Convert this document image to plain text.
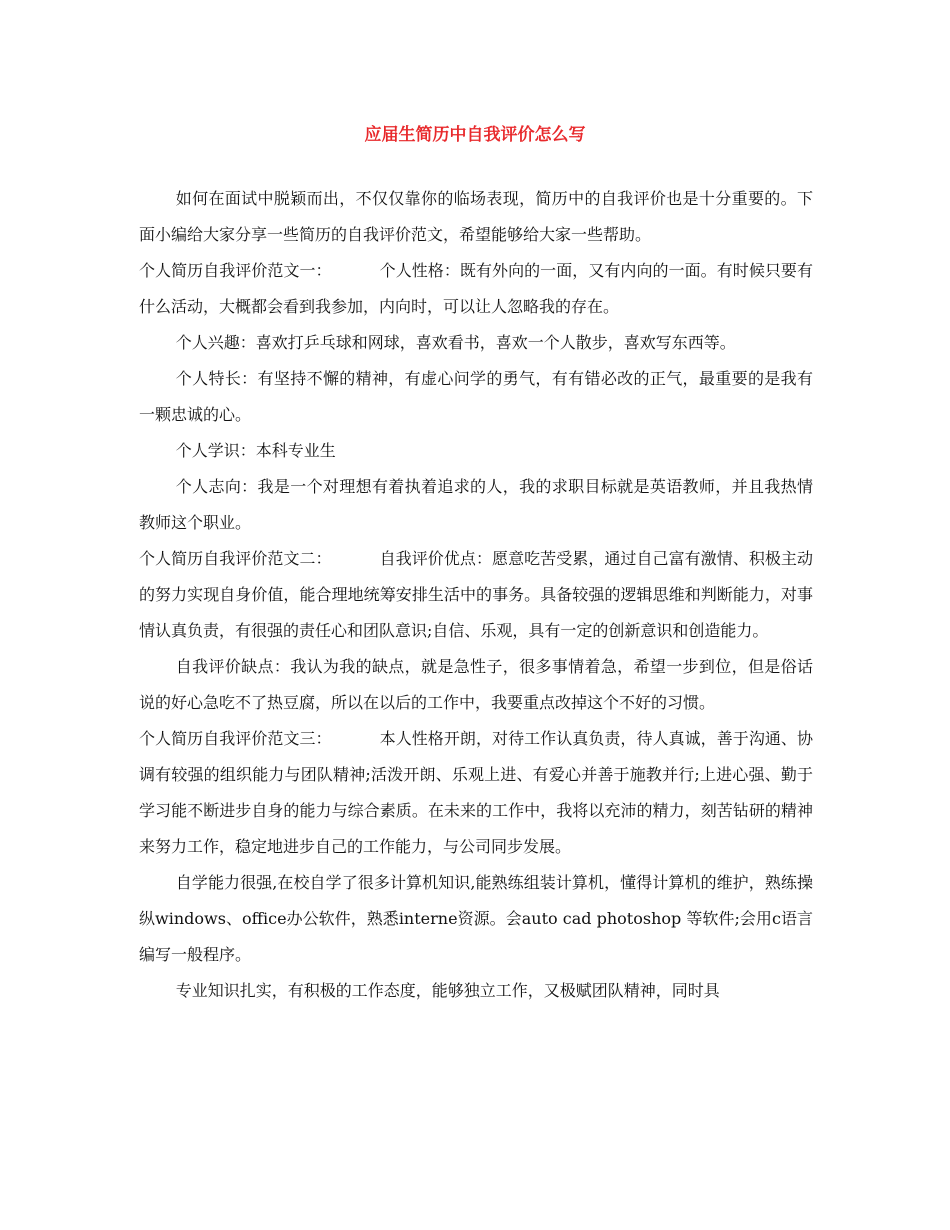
应届生简历中自我评价怎么写

如何在面试中脱颖而出，不仅仅靠你的临场表现，简历中的自我评价也是十分重要的。下面小编给大家分享一些简历的自我评价范文，希望能够给大家一些帮助。

个人简历自我评价范文一：	个人性格：既有外向的一面，又有内向的一面。有时候只要有什么活动，大概都会看到我参加，内向时，可以让人忽略我的存在。

个人兴趣：喜欢打乒乓球和网球，喜欢看书，喜欢一个人散步，喜欢写东西等。

个人特长：有坚持不懈的精神，有虚心问学的勇气，有有错必改的正气，最重要的是我有一颗忠诚的心。

个人学识：本科专业生

个人志向：我是一个对理想有着执着追求的人，我的求职目标就是英语教师，并且我热情教师这个职业。

个人简历自我评价范文二：	自我评价优点：愿意吃苦受累，通过自己富有激情、积极主动的努力实现自身价值，能合理地统筹安排生活中的事务。具备较强的逻辑思维和判断能力，对事情认真负责，有很强的责任心和团队意识;自信、乐观，具有一定的创新意识和创造能力。

自我评价缺点：我认为我的缺点，就是急性子，很多事情着急，希望一步到位，但是俗话说的好心急吃不了热豆腐，所以在以后的工作中，我要重点改掉这个不好的习惯。

个人简历自我评价范文三：	本人性格开朗，对待工作认真负责，待人真诚，善于沟通、协调有较强的组织能力与团队精神;活泼开朗、乐观上进、有爱心并善于施教并行;上进心强、勤于学习能不断进步自身的能力与综合素质。在未来的工作中，我将以充沛的精力，刻苦钻研的精神来努力工作，稳定地进步自己的工作能力，与公司同步发展。

自学能力很强,在校自学了很多计算机知识,能熟练组装计算机，懂得计算机的维护，熟练操纵windows、office办公软件，熟悉interne资源。会auto cad photoshop 等软件;会用c语言编写一般程序。

专业知识扎实，有积极的工作态度，能够独立工作，又极赋团队精神，同时具
